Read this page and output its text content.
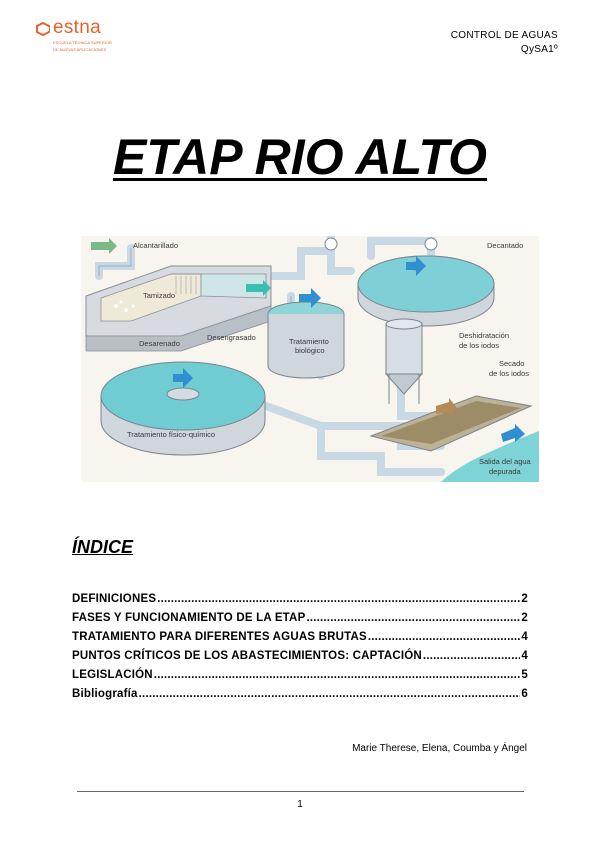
estna
ESCUELA TÉCNICA SUPERIOR
DE NUEVAS APLICACIONES
CONTROL DE AGUAS
QySA1º
ETAP RIO ALTO
Alcantarillado
Tamizado
Desarenado
Desengrasado	Tratamiento
biológico
Decantado
Deshidratación
de los iodos
Secado
de los iodos
Tratamiento físico-químico
Salida del agua
depurada
ÍNDICE
DEFINICIONES .....	2
FASES Y FUNCIONAMIENTO DE LA ETAP .....	2
TRATAMIENTO PARA DIFERENTES AGUAS BRUTAS .....	4
PUNTOS CRÍTICOS DE LOS ABASTECIMIENTOS: CAPTACIÓN .....	4
LEGISLACIÓN .....	5
Bibliografía .....	6
Marie Therese, Elena, Coumba y Ángel
1
